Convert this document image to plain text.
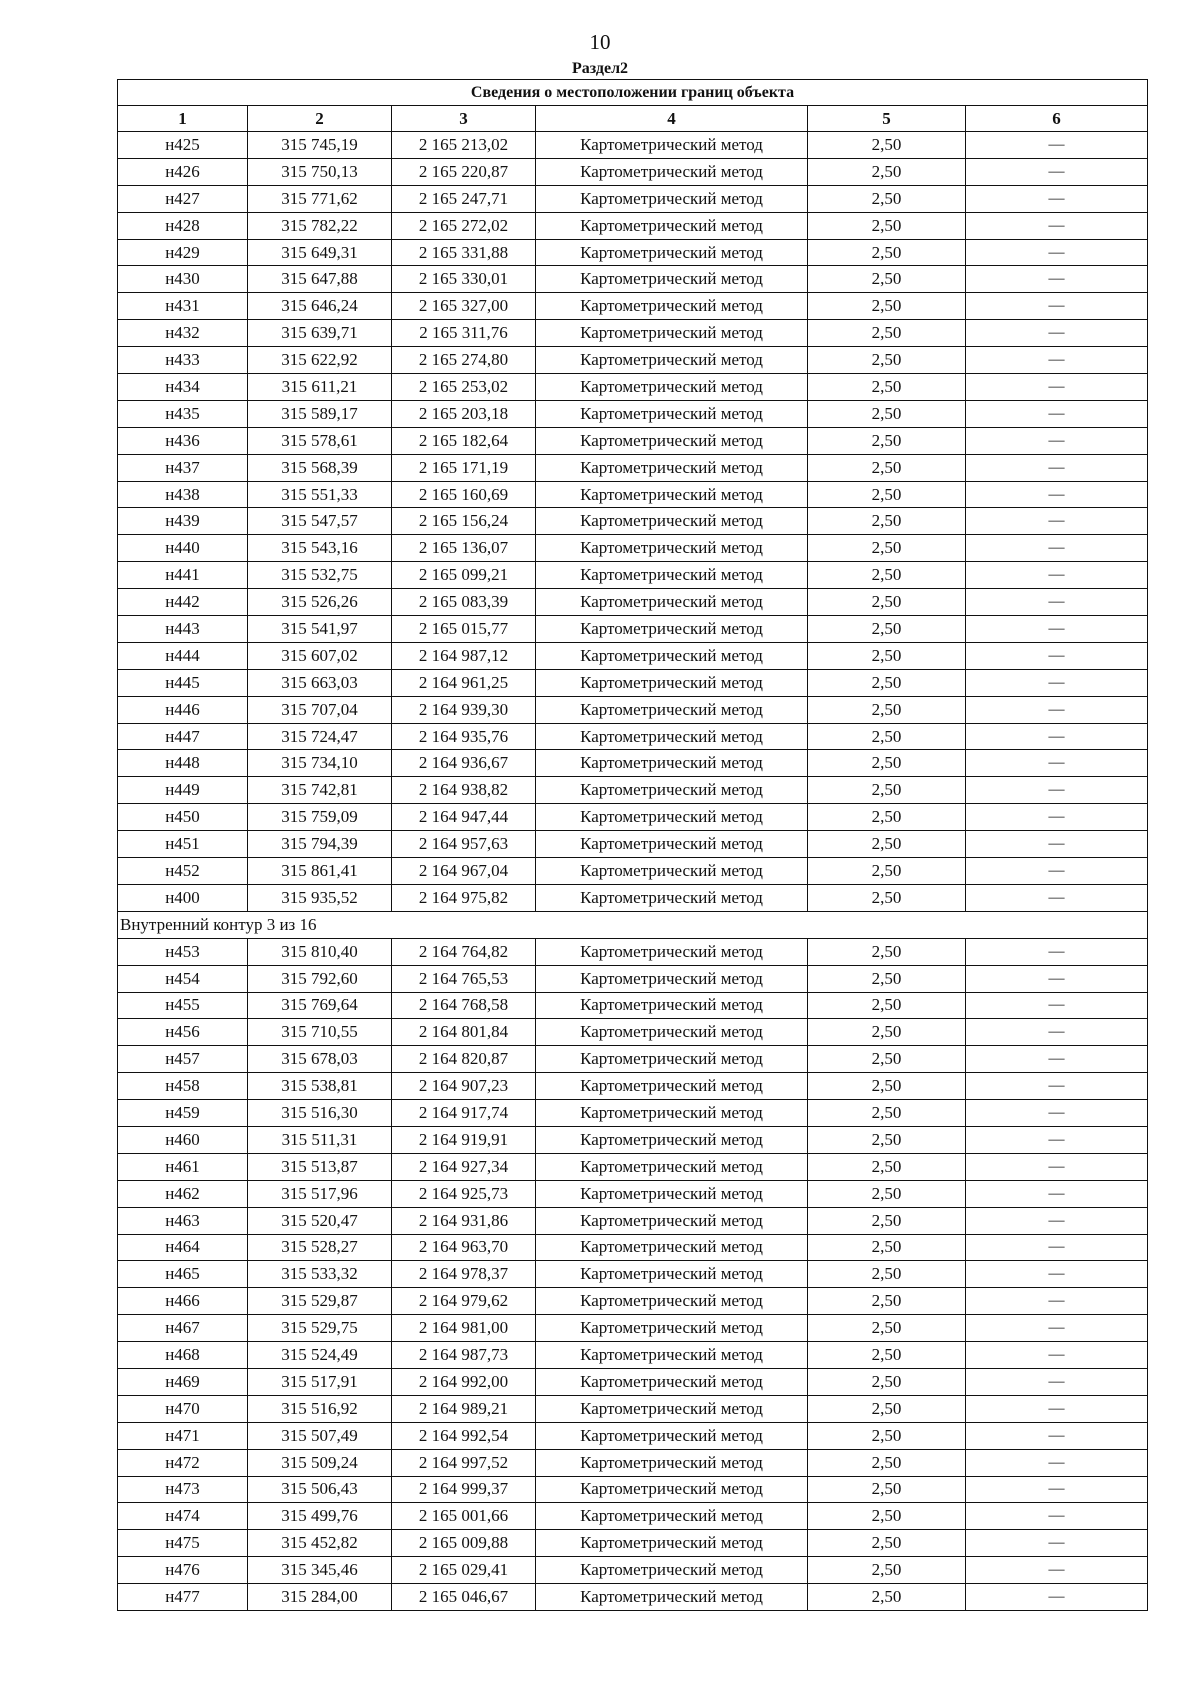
10
Раздел2
Сведения о местоположении границ объекта					
1	2	3	4	5	6
н425	315 745,19	2 165 213,02	Картометрический метод	2,50	—
н426	315 750,13	2 165 220,87	Картометрический метод	2,50	—
н427	315 771,62	2 165 247,71	Картометрический метод	2,50	—
н428	315 782,22	2 165 272,02	Картометрический метод	2,50	—
н429	315 649,31	2 165 331,88	Картометрический метод	2,50	—
н430	315 647,88	2 165 330,01	Картометрический метод	2,50	—
н431	315 646,24	2 165 327,00	Картометрический метод	2,50	—
н432	315 639,71	2 165 311,76	Картометрический метод	2,50	—
н433	315 622,92	2 165 274,80	Картометрический метод	2,50	—
н434	315 611,21	2 165 253,02	Картометрический метод	2,50	—
н435	315 589,17	2 165 203,18	Картометрический метод	2,50	—
н436	315 578,61	2 165 182,64	Картометрический метод	2,50	—
н437	315 568,39	2 165 171,19	Картометрический метод	2,50	—
н438	315 551,33	2 165 160,69	Картометрический метод	2,50	—
н439	315 547,57	2 165 156,24	Картометрический метод	2,50	—
н440	315 543,16	2 165 136,07	Картометрический метод	2,50	—
н441	315 532,75	2 165 099,21	Картометрический метод	2,50	—
н442	315 526,26	2 165 083,39	Картометрический метод	2,50	—
н443	315 541,97	2 165 015,77	Картометрический метод	2,50	—
н444	315 607,02	2 164 987,12	Картометрический метод	2,50	—
н445	315 663,03	2 164 961,25	Картометрический метод	2,50	—
н446	315 707,04	2 164 939,30	Картометрический метод	2,50	—
н447	315 724,47	2 164 935,76	Картометрический метод	2,50	—
н448	315 734,10	2 164 936,67	Картометрический метод	2,50	—
н449	315 742,81	2 164 938,82	Картометрический метод	2,50	—
н450	315 759,09	2 164 947,44	Картометрический метод	2,50	—
н451	315 794,39	2 164 957,63	Картометрический метод	2,50	—
н452	315 861,41	2 164 967,04	Картометрический метод	2,50	—
н400	315 935,52	2 164 975,82	Картометрический метод	2,50	—
Внутренний контур 3 из 16					
н453	315 810,40	2 164 764,82	Картометрический метод	2,50	—
н454	315 792,60	2 164 765,53	Картометрический метод	2,50	—
н455	315 769,64	2 164 768,58	Картометрический метод	2,50	—
н456	315 710,55	2 164 801,84	Картометрический метод	2,50	—
н457	315 678,03	2 164 820,87	Картометрический метод	2,50	—
н458	315 538,81	2 164 907,23	Картометрический метод	2,50	—
н459	315 516,30	2 164 917,74	Картометрический метод	2,50	—
н460	315 511,31	2 164 919,91	Картометрический метод	2,50	—
н461	315 513,87	2 164 927,34	Картометрический метод	2,50	—
н462	315 517,96	2 164 925,73	Картометрический метод	2,50	—
н463	315 520,47	2 164 931,86	Картометрический метод	2,50	—
н464	315 528,27	2 164 963,70	Картометрический метод	2,50	—
н465	315 533,32	2 164 978,37	Картометрический метод	2,50	—
н466	315 529,87	2 164 979,62	Картометрический метод	2,50	—
н467	315 529,75	2 164 981,00	Картометрический метод	2,50	—
н468	315 524,49	2 164 987,73	Картометрический метод	2,50	—
н469	315 517,91	2 164 992,00	Картометрический метод	2,50	—
н470	315 516,92	2 164 989,21	Картометрический метод	2,50	—
н471	315 507,49	2 164 992,54	Картометрический метод	2,50	—
н472	315 509,24	2 164 997,52	Картометрический метод	2,50	—
н473	315 506,43	2 164 999,37	Картометрический метод	2,50	—
н474	315 499,76	2 165 001,66	Картометрический метод	2,50	—
н475	315 452,82	2 165 009,88	Картометрический метод	2,50	—
н476	315 345,46	2 165 029,41	Картометрический метод	2,50	—
н477	315 284,00	2 165 046,67	Картометрический метод	2,50	—
